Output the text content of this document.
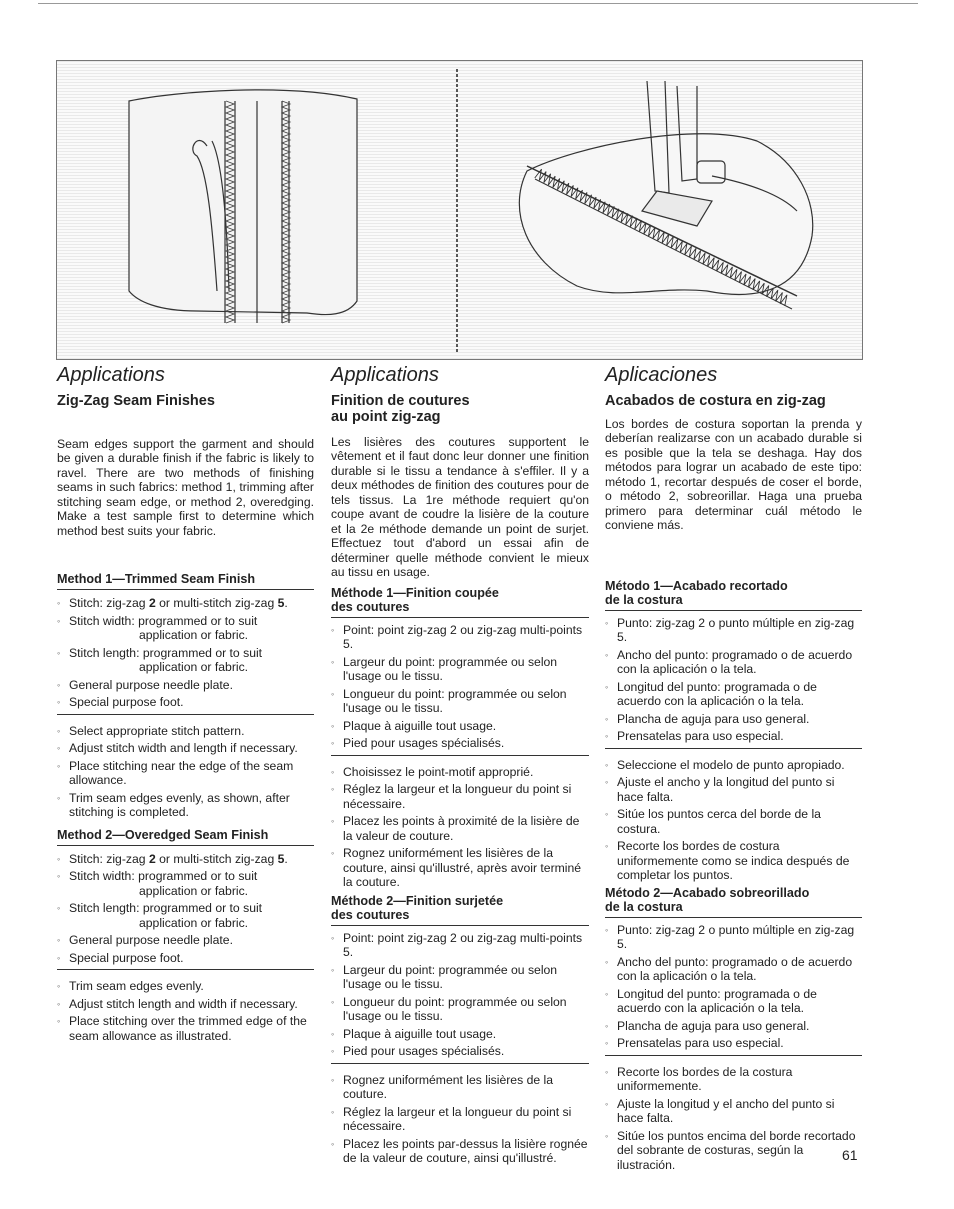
Applications
Zig-Zag Seam Finishes

Seam edges support the garment and should be given a durable finish if the fabric is likely to ravel. There are two methods of finishing seams in such fabrics: method 1, trimming after stitching seam edge, or method 2, overedging. Make a test sample first to determine which method best suits your fabric.

Method 1—Trimmed Seam Finish
◦ Stitch: zig-zag 2 or multi-stitch zig-zag 5.
◦ Stitch width: programmed or to suit
application or fabric.
◦ Stitch length: programmed or to suit
application or fabric.
◦ General purpose needle plate.
◦ Special purpose foot.
◦ Select appropriate stitch pattern.
◦ Adjust stitch width and length if necessary.
◦ Place stitching near the edge of the seam allowance.
◦ Trim seam edges evenly, as shown, after stitching is completed.
Method 2—Overedged Seam Finish
◦ Stitch: zig-zag 2 or multi-stitch zig-zag 5.
◦ Stitch width: programmed or to suit
application or fabric.
◦ Stitch length: programmed or to suit
application or fabric.
◦ General purpose needle plate.
◦ Special purpose foot.
◦ Trim seam edges evenly.
◦ Adjust stitch length and width if necessary.
◦ Place stitching over the trimmed edge of the seam allowance as illustrated.
Applications
Finition de coutures
au point zig-zag

Les lisières des coutures supportent le vêtement et il faut donc leur donner une finition durable si le tissu a tendance à s'effiler. Il y a deux méthodes de finition des coutures pour de tels tissus. La 1re méthode requiert qu'on coupe avant de coudre la lisière de la couture et la 2e méthode demande un point de surjet. Effectuez tout d'abord un essai afin de déterminer quelle méthode convient le mieux au tissu en usage.

Méthode 1—Finition coupée
des coutures
◦ Point: point zig-zag 2 ou zig-zag multi-points 5.
◦ Largeur du point: programmée ou selon l'usage ou le tissu.
◦ Longueur du point: programmée ou selon l'usage ou le tissu.
◦ Plaque à aiguille tout usage.
◦ Pied pour usages spécialisés.
◦ Choisissez le point-motif approprié.
◦ Réglez la largeur et la longueur du point si nécessaire.
◦ Placez les points à proximité de la lisière de la valeur de couture.
◦ Rognez uniformément les lisières de la couture, ainsi qu'illustré, après avoir terminé la couture.
Méthode 2—Finition surjetée
des coutures
◦ Point: point zig-zag 2 ou zig-zag multi-points 5.
◦ Largeur du point: programmée ou selon l'usage ou le tissu.
◦ Longueur du point: programmée ou selon l'usage ou le tissu.
◦ Plaque à aiguille tout usage.
◦ Pied pour usages spécialisés.
◦ Rognez uniformément les lisières de la couture.
◦ Réglez la largeur et la longueur du point si nécessaire.
◦ Placez les points par-dessus la lisière rognée de la valeur de couture, ainsi qu'illustré.
Aplicaciones
Acabados de costura en zig-zag

Los bordes de costura soportan la prenda y deberían realizarse con un acabado durable si es posible que la tela se deshaga. Hay dos métodos para lograr un acabado de este tipo: método 1, recortar después de coser el borde, o método 2, sobreorillar. Haga una prueba primero para determinar cuál método le conviene más.

Método 1—Acabado recortado
de la costura
◦ Punto: zig-zag 2 o punto múltiple en zig-zag 5.
◦ Ancho del punto: programado o de acuerdo con la aplicación o la tela.
◦ Longitud del punto: programada o de acuerdo con la aplicación o la tela.
◦ Plancha de aguja para uso general.
◦ Prensatelas para uso especial.
◦ Seleccione el modelo de punto apropiado.
◦ Ajuste el ancho y la longitud del punto si hace falta.
◦ Sitúe los puntos cerca del borde de la costura.
◦ Recorte los bordes de costura uniformemente como se indica después de completar los puntos.
Método 2—Acabado sobreorillado
de la costura
◦ Punto: zig-zag 2 o punto múltiple en zig-zag 5.
◦ Ancho del punto: programado o de acuerdo con la aplicación o la tela.
◦ Longitud del punto: programada o de acuerdo con la aplicación o la tela.
◦ Plancha de aguja para uso general.
◦ Prensatelas para uso especial.
◦ Recorte los bordes de la costura uniformemente.
◦ Ajuste la longitud y el ancho del punto si hace falta.
◦ Sitúe los puntos encima del borde recortado del sobrante de costuras, según la ilustración.
61
